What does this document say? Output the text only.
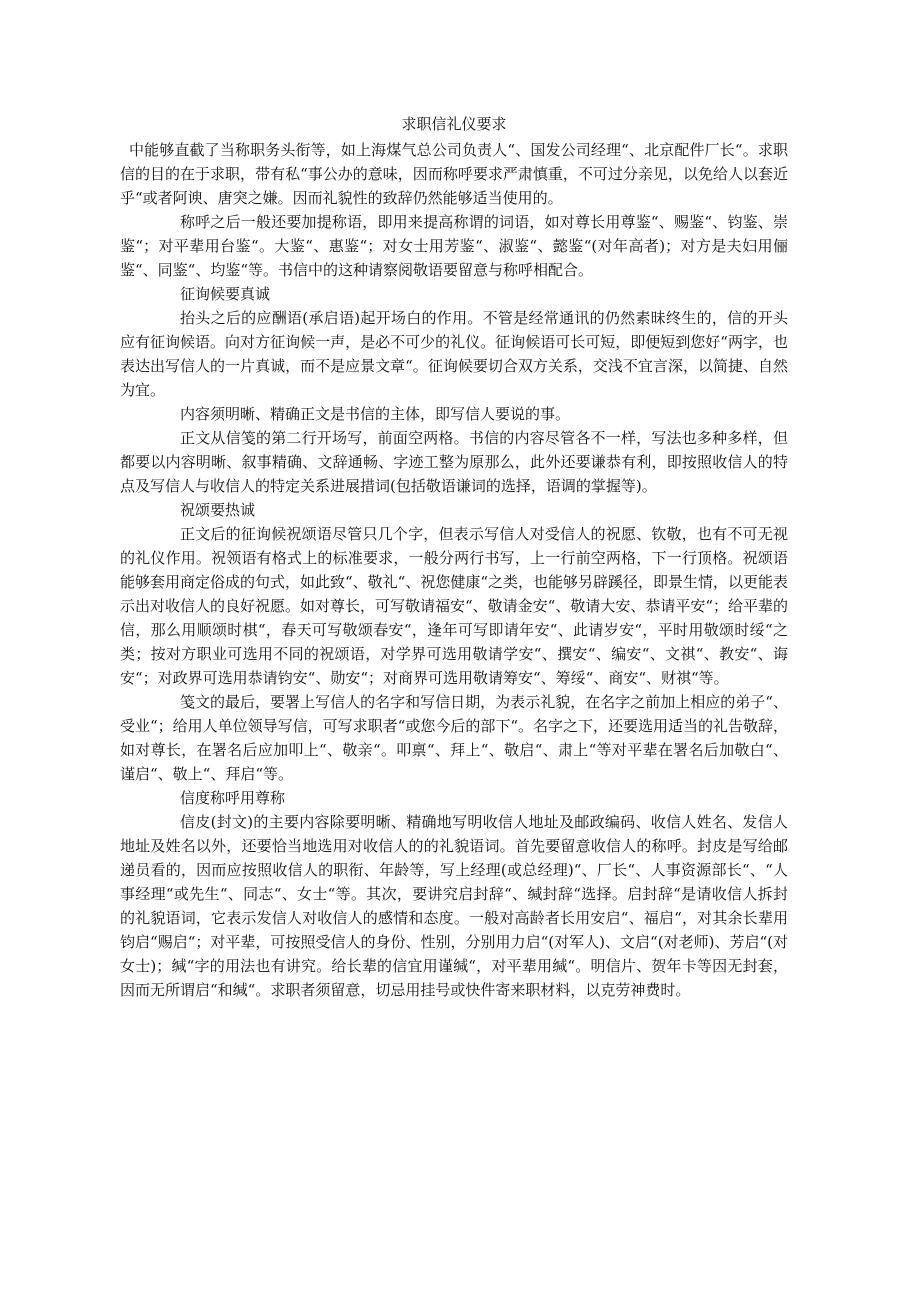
求职信礼仪要求

中能够直截了当称职务头衔等，如上海煤气总公司负责人“、国发公司经理“、北京配件厂长“。求职信的目的在于求职，带有私“事公办的意味，因而称呼要求严肃慎重，不可过分亲见，以免给人以套近乎“或者阿谀、唐突之嫌。因而礼貌性的致辞仍然能够适当使用的。

称呼之后一般还要加提称语，即用来提高称谓的词语，如对尊长用尊鉴“、赐鉴“、钧鉴、崇鉴“；对平辈用台鉴“。大鉴“、惠鉴“；对女士用芳鉴“、淑鉴“、懿鉴“(对年高者)；对方是夫妇用俪鉴“、同鉴“、均鉴“等。书信中的这种请察阅敬语要留意与称呼相配合。

征询候要真诚

抬头之后的应酬语(承启语)起开场白的作用。不管是经常通讯的仍然素昧终生的，信的开头应有征询候语。向对方征询候一声，是必不可少的礼仪。征询候语可长可短，即便短到您好“两字，也表达出写信人的一片真诚，而不是应景文章“。征询候要切合双方关系，交浅不宜言深，以简捷、自然为宜。

内容须明晰、精确正文是书信的主体，即写信人要说的事。

正文从信笺的第二行开场写，前面空两格。书信的内容尽管各不一样，写法也多种多样，但都要以内容明晰、叙事精确、文辞通畅、字迹工整为原那么，此外还要谦恭有利，即按照收信人的特点及写信人与收信人的特定关系进展措词(包括敬语谦词的选择，语调的掌握等)。

祝颂要热诚

正文后的征询候祝颂语尽管只几个字，但表示写信人对受信人的祝愿、钦敬，也有不可无视的礼仪作用。祝领语有格式上的标准要求，一般分两行书写，上一行前空两格，下一行顶格。祝颂语能够套用商定俗成的句式，如此致“、敬礼“、祝您健康“之类，也能够另辟蹊径，即景生情，以更能表示出对收信人的良好祝愿。如对尊长，可写敬请福安“、敬请金安“、敬请大安、恭请平安“；给平辈的信，那么用顺颂时棋“，春天可写敬颂春安“，逢年可写即请年安“、此请岁安“，平时用敬颂时绥“之类；按对方职业可选用不同的祝颂语，对学界可选用敬请学安“、撰安“、编安“、文祺“、教安“、诲安“；对政界可选用恭请钧安“、勋安“；对商界可选用敬请筹安“、筹绥“、商安“、财祺“等。

笺文的最后，要署上写信人的名字和写信日期，为表示礼貌，在名字之前加上相应的弟子“、受业“；给用人单位领导写信，可写求职者“或您今后的部下“。名字之下，还要选用适当的礼告敬辞，如对尊长，在署名后应加叩上“、敬亲“。叩禀“、拜上“、敬启“、肃上“等对平辈在署名后加敬白“、谨启“、敬上“、拜启“等。

信度称呼用尊称

信皮(封文)的主要内容除要明晰、精确地写明收信人地址及邮政编码、收信人姓名、发信人地址及姓名以外，还要恰当地选用对收信人的的礼貌语词。首先要留意收信人的称呼。封皮是写给邮递员看的，因而应按照收信人的职衔、年龄等，写上经理(或总经理)“、厂长“、人事资源部长“、“人事经理“或先生“、同志“、女士“等。其次，要讲究启封辞“、缄封辞“选择。启封辞“是请收信人拆封的礼貌语词，它表示发信人对收信人的感情和态度。一般对高龄者长用安启“、福启“，对其余长辈用钧启“赐启“；对平辈，可按照受信人的身份、性别，分别用力启“(对军人)、文启“(对老师)、芳启“(对女士)；缄“字的用法也有讲究。给长辈的信宜用谨缄“，对平辈用缄“。明信片、贺年卡等因无封套，因而无所谓启“和缄“。求职者须留意，切忌用挂号或快件寄来职材料，以克劳神费时。
